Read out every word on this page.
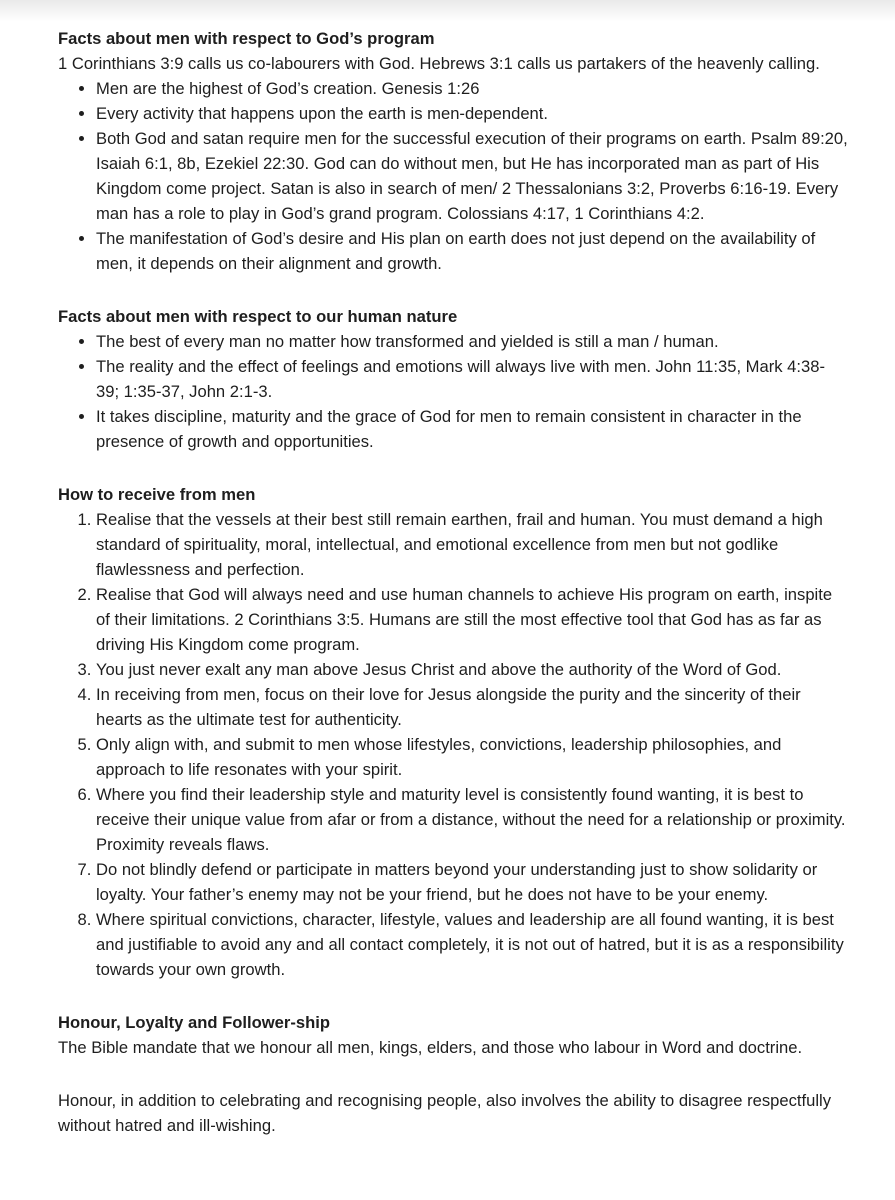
Facts about men with respect to God’s program

1 Corinthians 3:9 calls us co-labourers with God. Hebrews 3:1 calls us partakers of the heavenly calling.

• Men are the highest of God’s creation. Genesis 1:26
• Every activity that happens upon the earth is men-dependent.
• Both God and satan require men for the successful execution of their programs on earth. Psalm 89:20, Isaiah 6:1, 8b, Ezekiel 22:30. God can do without men, but He has incorporated man as part of His Kingdom come project. Satan is also in search of men/ 2 Thessalonians 3:2, Proverbs 6:16-19. Every man has a role to play in God’s grand program. Colossians 4:17, 1 Corinthians 4:2.
• The manifestation of God’s desire and His plan on earth does not just depend on the availability of men, it depends on their alignment and growth.

Facts about men with respect to our human nature

• The best of every man no matter how transformed and yielded is still a man / human.
• The reality and the effect of feelings and emotions will always live with men. John 11:35, Mark 4:38-39; 1:35-37, John 2:1-3.
• It takes discipline, maturity and the grace of God for men to remain consistent in character in the presence of growth and opportunities.

How to receive from men

1. Realise that the vessels at their best still remain earthen, frail and human. You must demand a high standard of spirituality, moral, intellectual, and emotional excellence from men but not godlike flawlessness and perfection.
2. Realise that God will always need and use human channels to achieve His program on earth, inspite of their limitations. 2 Corinthians 3:5. Humans are still the most effective tool that God has as far as driving His Kingdom come program.
3. You just never exalt any man above Jesus Christ and above the authority of the Word of God.
4. In receiving from men, focus on their love for Jesus alongside the purity and the sincerity of their hearts as the ultimate test for authenticity.
5. Only align with, and submit to men whose lifestyles, convictions, leadership philosophies, and approach to life resonates with your spirit.
6. Where you find their leadership style and maturity level is consistently found wanting, it is best to receive their unique value from afar or from a distance, without the need for a relationship or proximity. Proximity reveals flaws.
7. Do not blindly defend or participate in matters beyond your understanding just to show solidarity or loyalty. Your father’s enemy may not be your friend, but he does not have to be your enemy.
8. Where spiritual convictions, character, lifestyle, values and leadership are all found wanting, it is best and justifiable to avoid any and all contact completely, it is not out of hatred, but it is as a responsibility towards your own growth.

Honour, Loyalty and Follower-ship

The Bible mandate that we honour all men, kings, elders, and those who labour in Word and doctrine.

Honour, in addition to celebrating and recognising people, also involves the ability to disagree respectfully without hatred and ill-wishing.
